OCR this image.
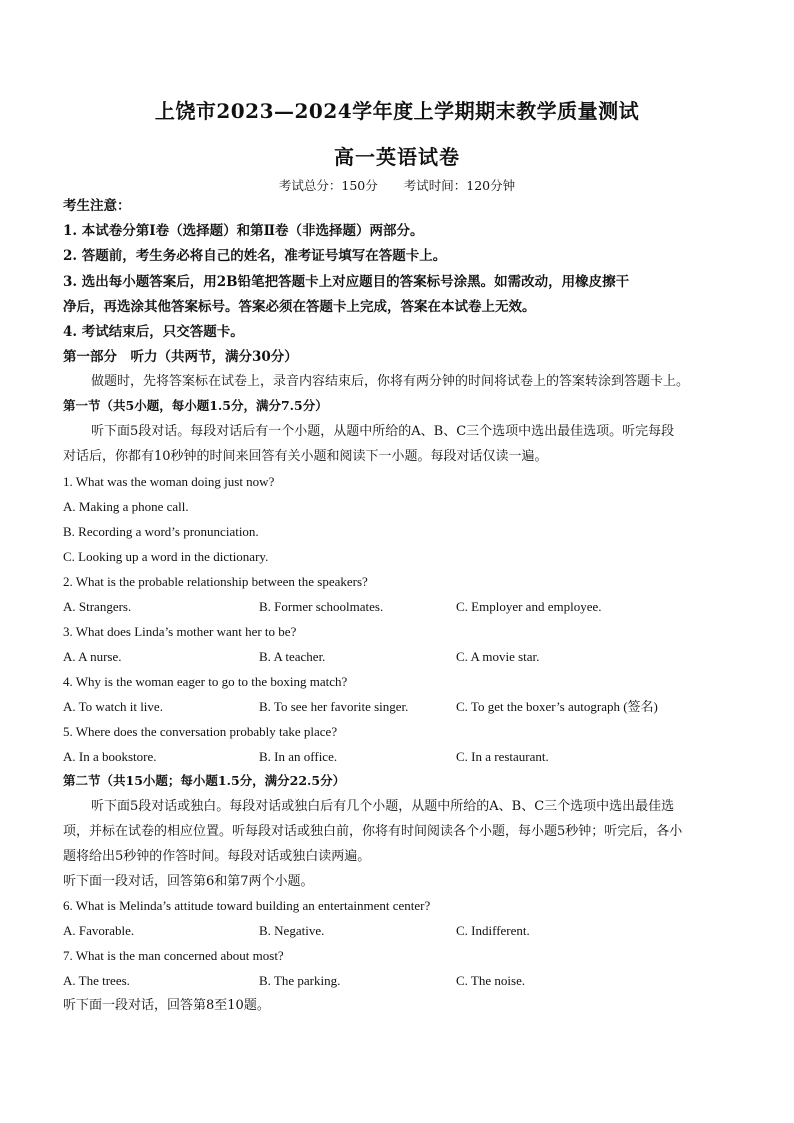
上饶市2023—2024学年度上学期期末教学质量测试
高一英语试卷
考试总分：150分 考试时间：120分钟
考生注意：
1. 本试卷分第Ⅰ卷（选择题）和第Ⅱ卷（非选择题）两部分。
2. 答题前，考生务必将自己的姓名，准考证号填写在答题卡上。
3. 选出每小题答案后，用2B铅笔把答题卡上对应题目的答案标号涂黑。如需改动，用橡皮擦干
净后，再选涂其他答案标号。答案必须在答题卡上完成，答案在本试卷上无效。
4. 考试结束后，只交答题卡。
第一部分　听力（共两节，满分30分）
做题时，先将答案标在试卷上，录音内容结束后，你将有两分钟的时间将试卷上的答案转涂到答题卡上。
第一节（共5小题，每小题1.5分，满分7.5分）
听下面5段对话。每段对话后有一个小题，从题中所给的A、B、C三个选项中选出最佳选项。听完每段
对话后，你都有10秒钟的时间来回答有关小题和阅读下一小题。每段对话仅读一遍。
1. What was the woman doing just now?
A. Making a phone call.
B. Recording a word’s pronunciation.
C. Looking up a word in the dictionary.
2. What is the probable relationship between the speakers?
A. Strangers.	B. Former schoolmates.	C. Employer and employee.
3. What does Linda’s mother want her to be?
A. A nurse.	B. A teacher.	C. A movie star.
4. Why is the woman eager to go to the boxing match?
A. To watch it live.	B. To see her favorite singer.	C. To get the boxer’s autograph (签名)
5. Where does the conversation probably take place?
A. In a bookstore.	B. In an office.	C. In a restaurant.
第二节（共15小题；每小题1.5分，满分22.5分）
听下面5段对话或独白。每段对话或独白后有几个小题，从题中所给的A、B、C三个选项中选出最佳选
项，并标在试卷的相应位置。听每段对话或独白前，你将有时间阅读各个小题，每小题5秒钟；听完后，各小
题将给出5秒钟的作答时间。每段对话或独白读两遍。
听下面一段对话，回答第6和第7两个小题。
6. What is Melinda’s attitude toward building an entertainment center?
A. Favorable.	B. Negative.	C. Indifferent.
7. What is the man concerned about most?
A. The trees.	B. The parking.	C. The noise.
听下面一段对话，回答第8至10题。
